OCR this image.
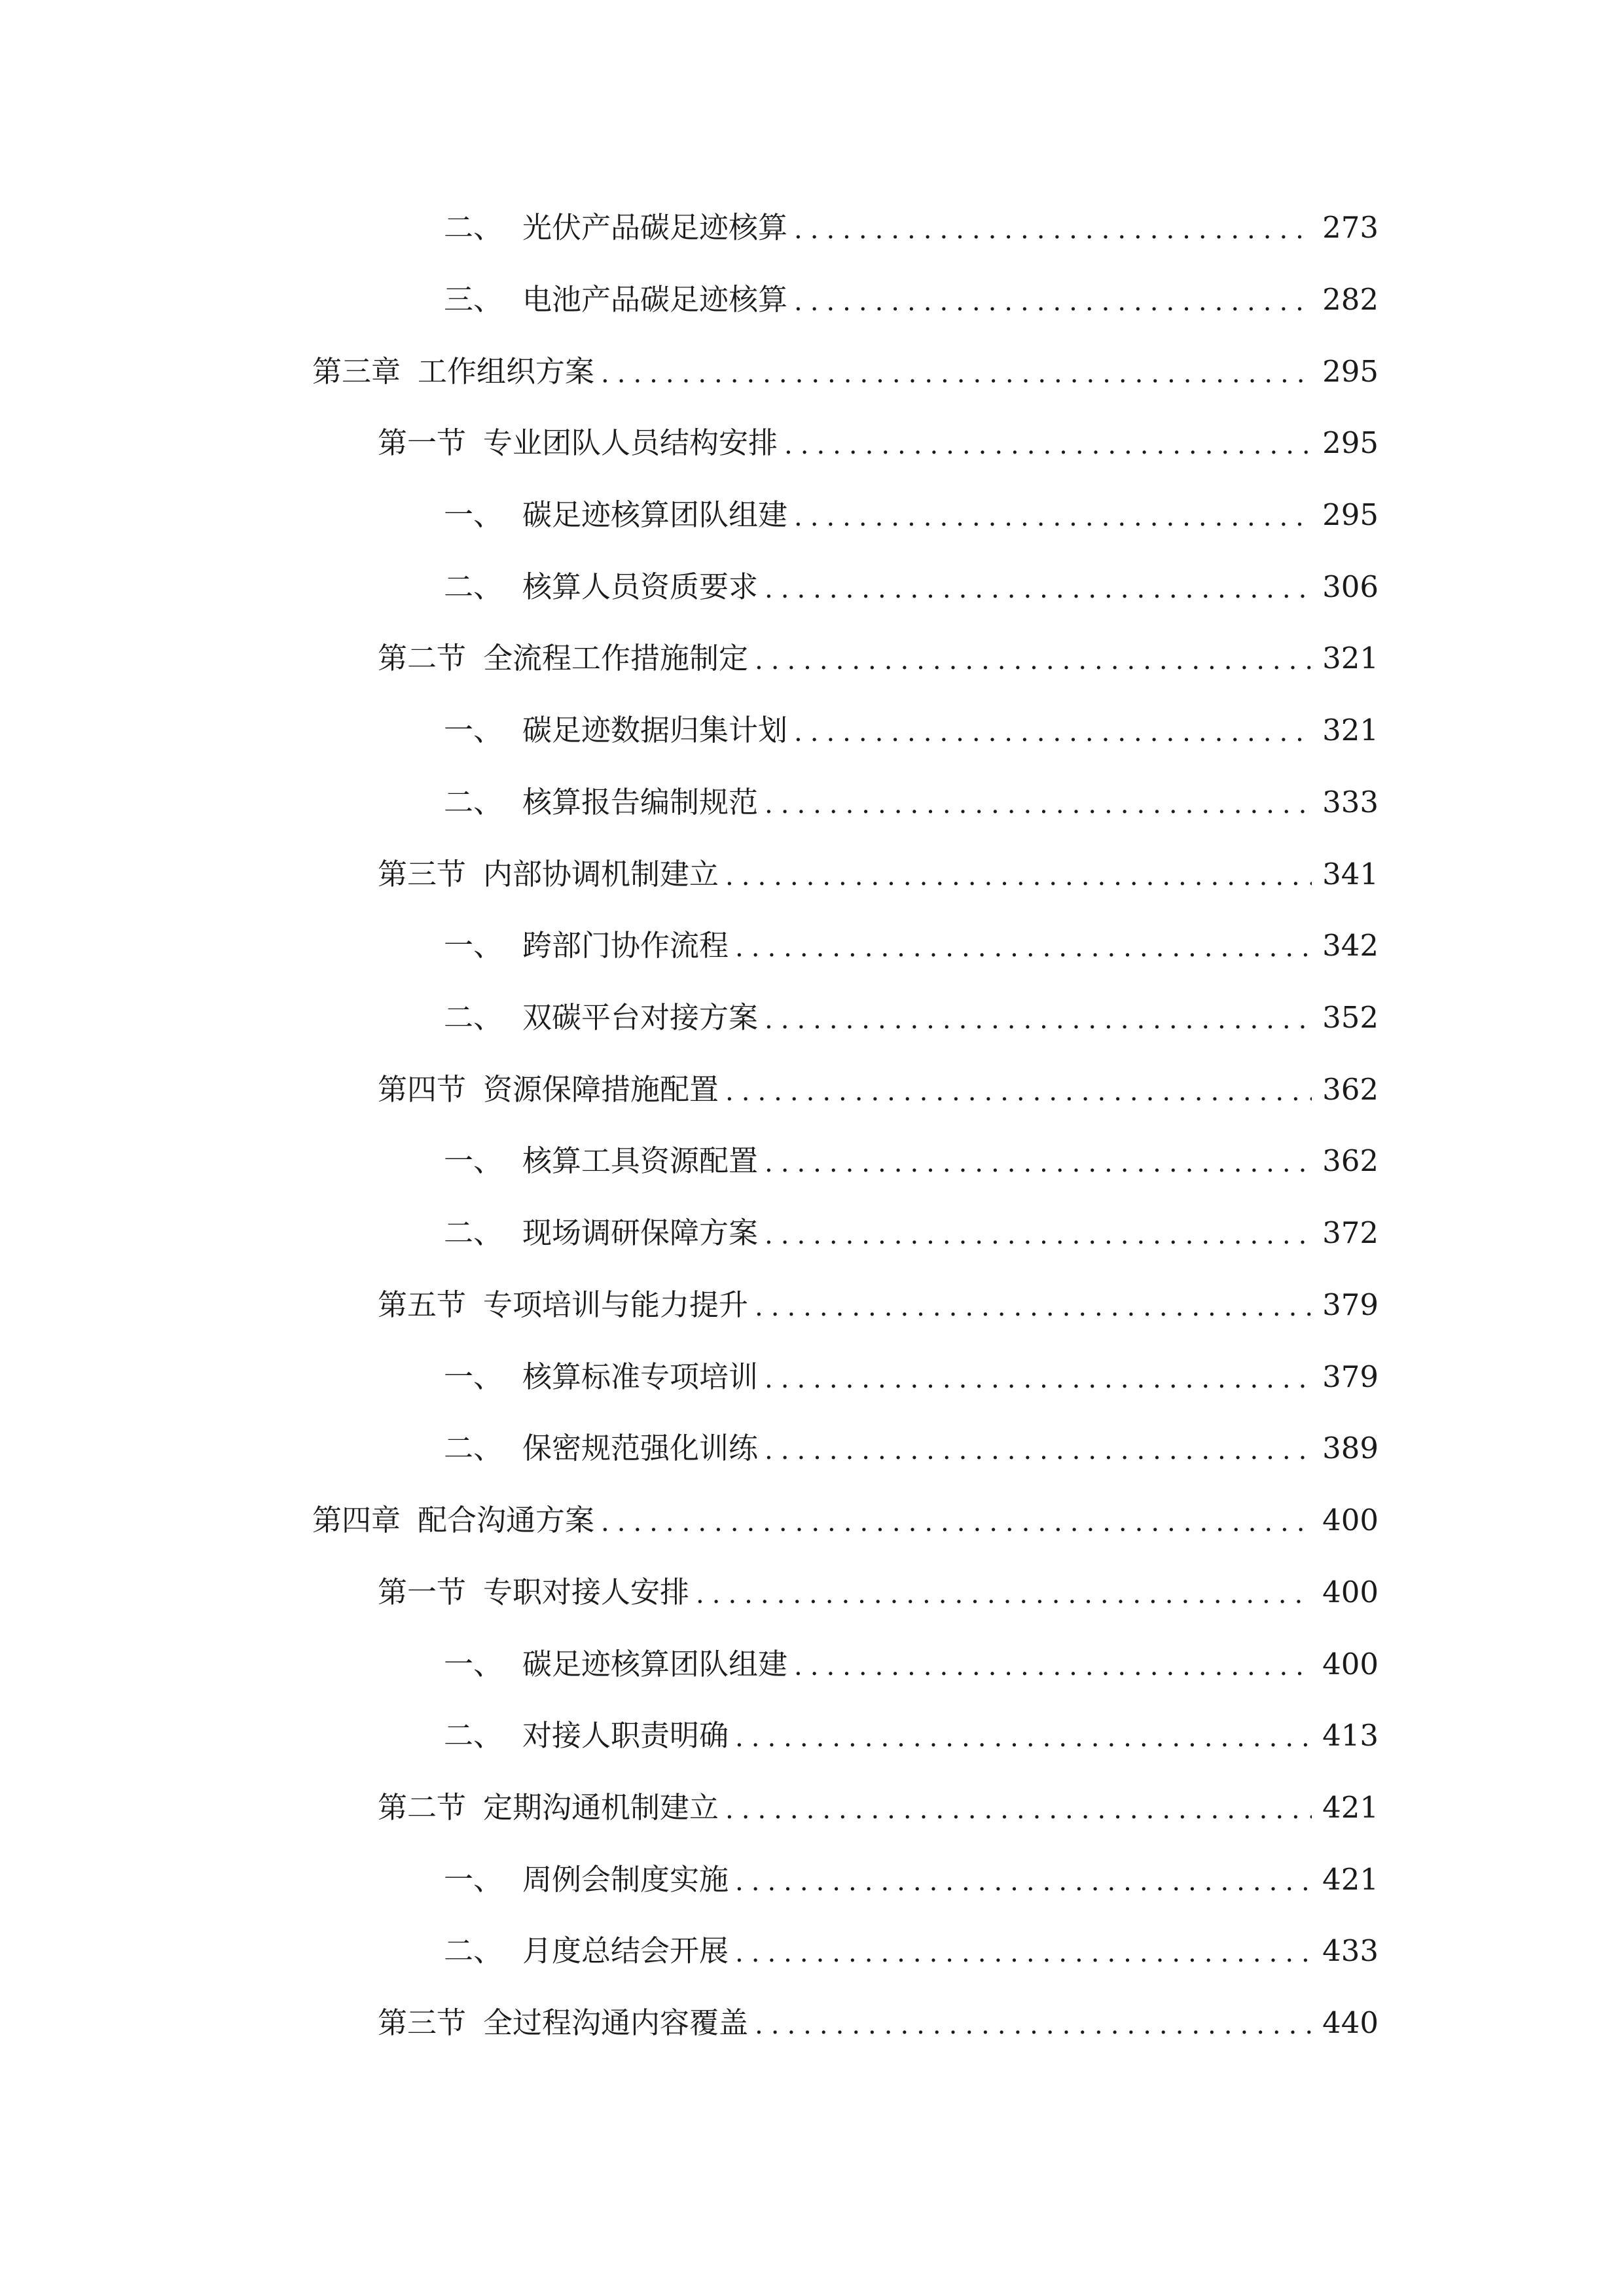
二、 光伏产品碳足迹核算 .....	273
三、 电池产品碳足迹核算 .....	282
第三章 工作组织方案 .....	295
第一节 专业团队人员结构安排 .....	295
一、 碳足迹核算团队组建 .....	295
二、 核算人员资质要求 .....	306
第二节 全流程工作措施制定 .....	321
一、 碳足迹数据归集计划 .....	321
二、 核算报告编制规范 .....	333
第三节 内部协调机制建立 .....	341
一、 跨部门协作流程 .....	342
二、 双碳平台对接方案 .....	352
第四节 资源保障措施配置 .....	362
一、 核算工具资源配置 .....	362
二、 现场调研保障方案 .....	372
第五节 专项培训与能力提升 .....	379
一、 核算标准专项培训 .....	379
二、 保密规范强化训练 .....	389
第四章 配合沟通方案 .....	400
第一节 专职对接人安排 .....	400
一、 碳足迹核算团队组建 .....	400
二、 对接人职责明确 .....	413
第二节 定期沟通机制建立 .....	421
一、 周例会制度实施 .....	421
二、 月度总结会开展 .....	433
第三节 全过程沟通内容覆盖 .....	440
